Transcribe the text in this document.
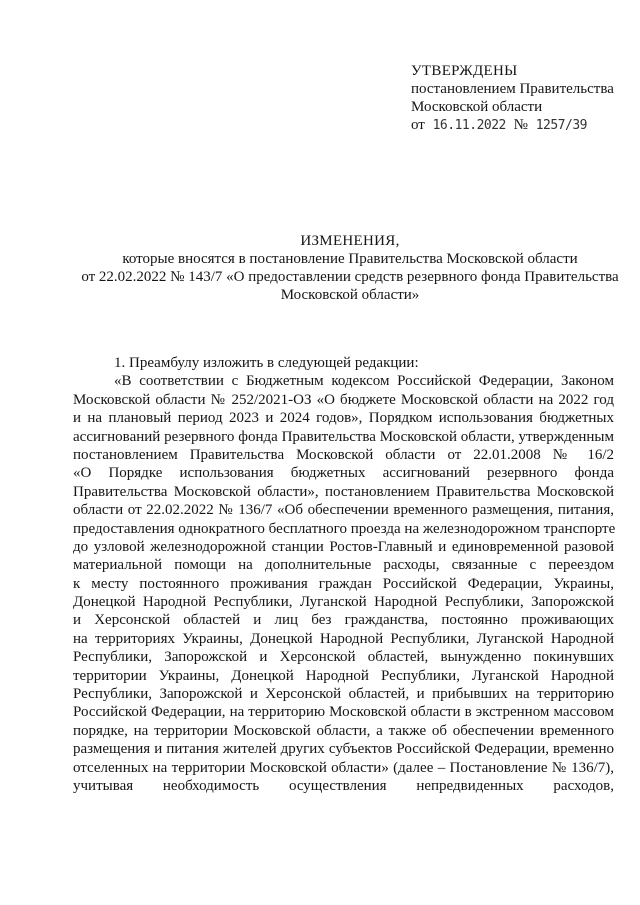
УТВЕРЖДЕНЫ
постановлением Правительства
Московской области
от 16.11.2022 № 1257/39
ИЗМЕНЕНИЯ,
которые вносятся в постановление Правительства Московской области
от 22.02.2022 № 143/7 «О предоставлении средств резервного фонда Правительства
Московской области»
1. Преамбулу изложить в следующей редакции:
«В соответствии с Бюджетным кодексом Российской Федерации, Законом
Московской области № 252/2021-ОЗ «О бюджете Московской области на 2022 год
и на плановый период 2023 и 2024 годов», Порядком использования бюджетных
ассигнований резервного фонда Правительства Московской области, утвержденным
постановлением Правительства Московской области от 22.01.2008 № 16/2
«О Порядке использования бюджетных ассигнований резервного фонда
Правительства Московской области», постановлением Правительства Московской
области от 22.02.2022 № 136/7 «Об обеспечении временного размещения, питания,
предоставления однократного бесплатного проезда на железнодорожном транспорте
до узловой железнодорожной станции Ростов-Главный и единовременной разовой
материальной помощи на дополнительные расходы, связанные с переездом
к месту постоянного проживания граждан Российской Федерации, Украины,
Донецкой Народной Республики, Луганской Народной Республики, Запорожской
и Херсонской областей и лиц без гражданства, постоянно проживающих
на территориях Украины, Донецкой Народной Республики, Луганской Народной
Республики, Запорожской и Херсонской областей, вынужденно покинувших
территории Украины, Донецкой Народной Республики, Луганской Народной
Республики, Запорожской и Херсонской областей, и прибывших на территорию
Российской Федерации, на территорию Московской области в экстренном массовом
порядке, на территории Московской области, а также об обеспечении временного
размещения и питания жителей других субъектов Российской Федерации, временно
отселенных на территории Московской области» (далее – Постановление № 136/7),
учитывая необходимость осуществления непредвиденных расходов,
